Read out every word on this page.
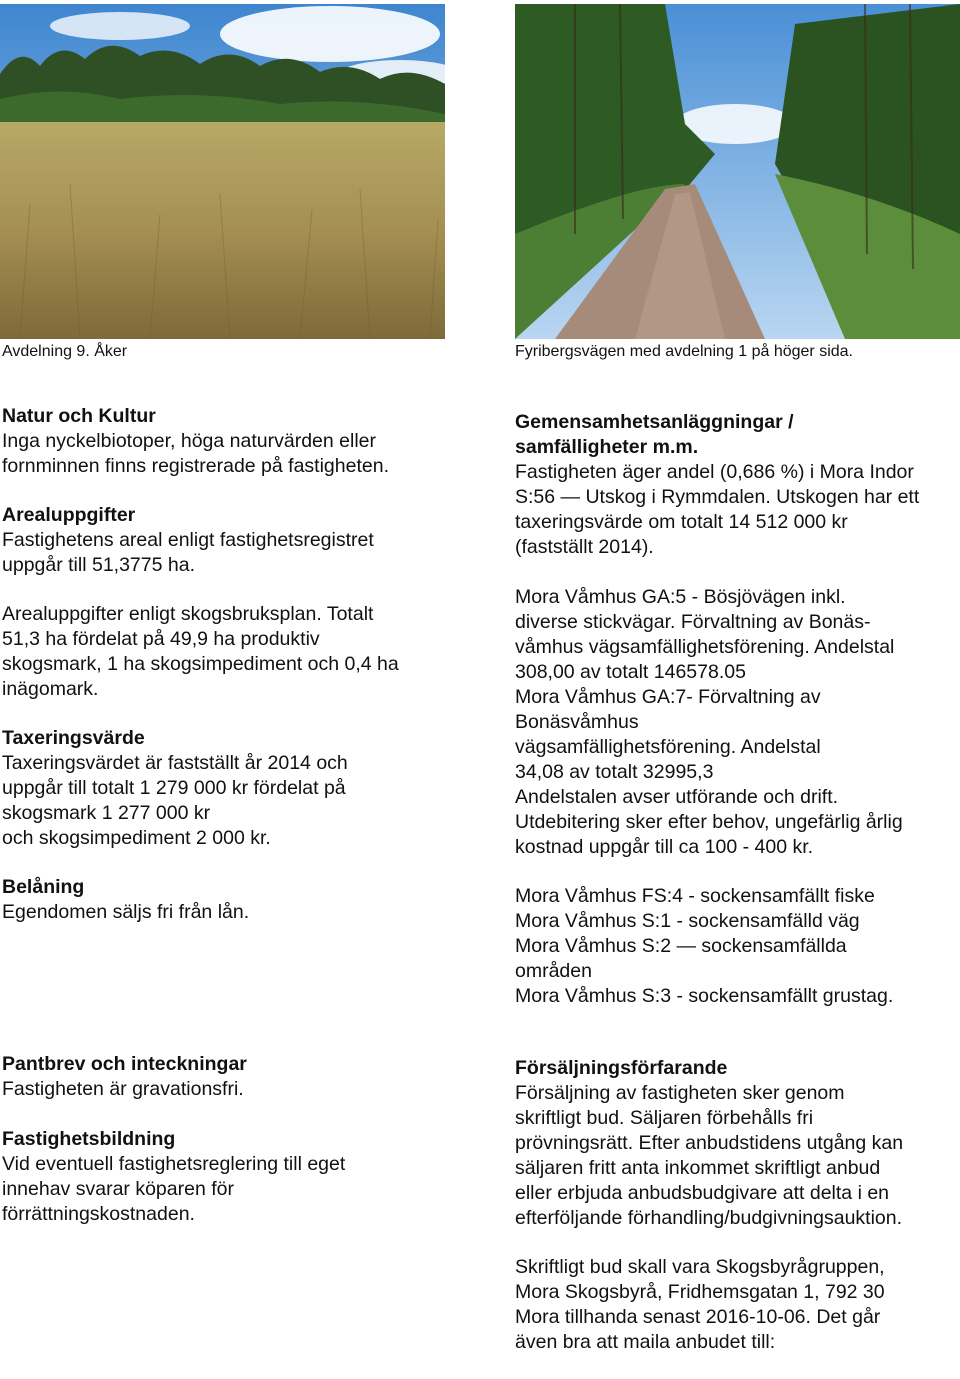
Avdelning 9. Åker	Fyribergsvägen med avdelning 1 på höger sida.
Natur och Kultur

Inga nyckelbiotoper, höga naturvärden eller

fornminnen finns registrerade på fastigheten.

Arealuppgifter

Fastighetens areal enligt fastighetsregistret

uppgår till 51,3775 ha.

Arealuppgifter enligt skogsbruksplan. Totalt

51,3 ha fördelat på 49,9 ha produktiv

skogsmark, 1 ha skogsimpediment och 0,4 ha

inägomark.

Taxeringsvärde

Taxeringsvärdet är fastställt år 2014 och

uppgår till totalt 1 279 000 kr fördelat på

skogsmark 1 277 000 kr

och skogsimpediment 2 000 kr.

Belåning

Egendomen säljs fri från lån.

Gemensamhetsanläggningar /
samfälligheter m.m.

Fastigheten äger andel (0,686 %) i Mora Indor

S:56 — Utskog i Rymmdalen. Utskogen har ett

taxeringsvärde om totalt 14 512 000 kr

(fastställt 2014).

Mora Våmhus GA:5 - Bösjövägen inkl.

diverse stickvägar. Förvaltning av Bonäs-

våmhus vägsamfällighetsförening. Andelstal

308,00 av totalt 146578.05

Mora Våmhus GA:7- Förvaltning av

Bonäsvåmhus

vägsamfällighetsförening. Andelstal

34,08 av totalt 32995,3

Andelstalen avser utförande och drift.

Utdebitering sker efter behov, ungefärlig årlig

kostnad uppgår till ca 100 - 400 kr.

Mora Våmhus FS:4 - sockensamfällt fiske

Mora Våmhus S:1 - sockensamfälld väg

Mora Våmhus S:2 — sockensamfällda

områden

Mora Våmhus S:3 - sockensamfällt grustag.

Pantbrev och inteckningar

Fastigheten är gravationsfri.

Fastighetsbildning

Vid eventuell fastighetsreglering till eget

innehav svarar köparen för

förrättningskostnaden.

Försäljningsförfarande

Försäljning av fastigheten sker genom

skriftligt bud. Säljaren förbehålls fri

prövningsrätt. Efter anbudstidens utgång kan

säljaren fritt anta inkommet skriftligt anbud

eller erbjuda anbudsbudgivare att delta i en

efterföljande förhandling/budgivningsauktion.

Skriftligt bud skall vara Skogsbyrågruppen,

Mora Skogsbyrå, Fridhemsgatan 1, 792 30

Mora tillhanda senast 2016-10-06. Det går

även bra att maila anbudet till:
